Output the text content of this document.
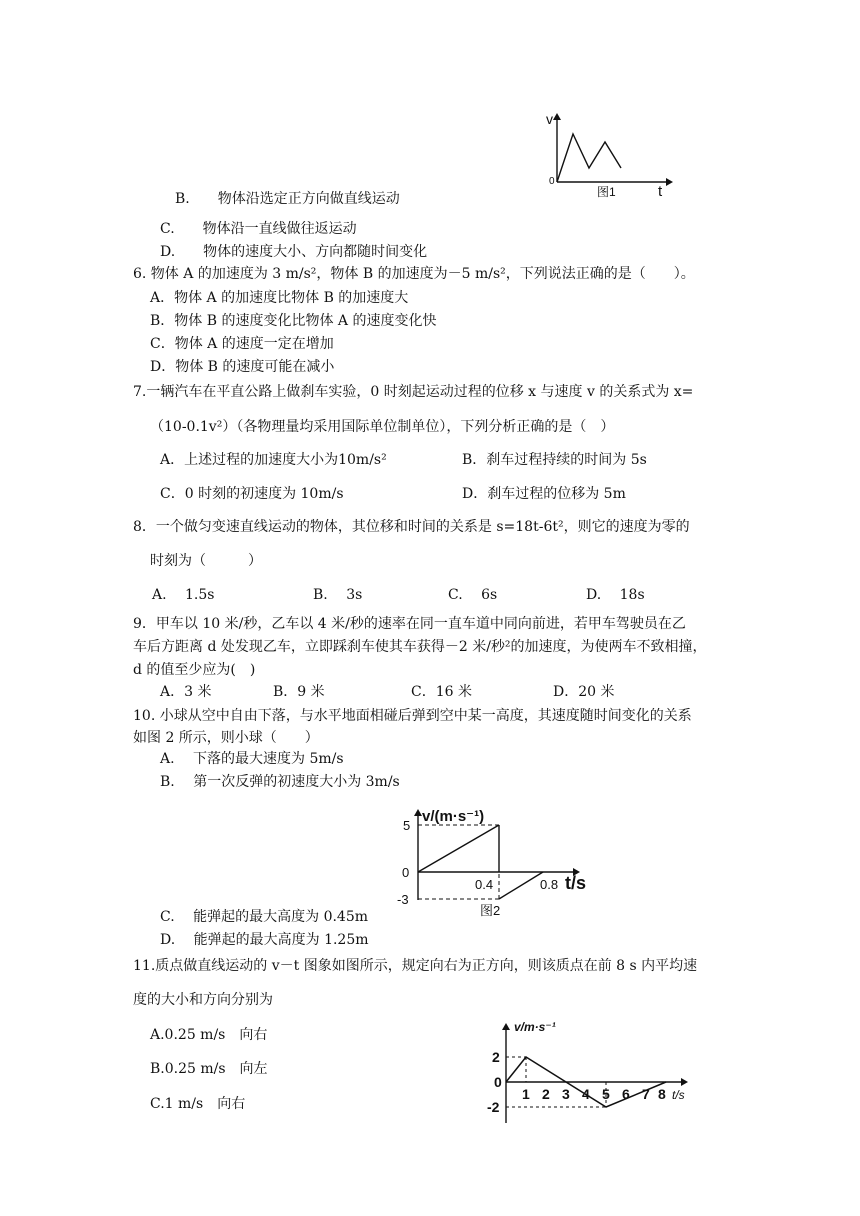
v
t
0
图1
B.　　物体沿选定正方向做直线运动
C.　　物体沿一直线做往返运动
D.　　物体的速度大小、方向都随时间变化
6. 物体 A 的加速度为 3 m/s²，物体 B 的加速度为－5 m/s²，下列说法正确的是（　　）。
A．物体 A 的加速度比物体 B 的加速度大
B．物体 B 的速度变化比物体 A 的速度变化快
C．物体 A 的速度一定在增加
D．物体 B 的速度可能在减小
7.一辆汽车在平直公路上做刹车实验，0 时刻起运动过程的位移 x 与速度 v 的关系式为 x=
（10-0.1v²）（各物理量均采用国际单位制单位），下列分析正确的是（　）
A．上述过程的加速度大小为10m/s²	B．刹车过程持续的时间为 5s
C．0 时刻的初速度为 10m/s	D．刹车过程的位移为 5m
8．一个做匀变速直线运动的物体，其位移和时间的关系是 s=18t-6t²，则它的速度为零的
时刻为（　　　）
A.　 1.5s	B.　 3s	C.　 6s	D.　 18s
9．甲车以 10 米/秒，乙车以 4 米/秒的速率在同一直车道中同向前进，若甲车驾驶员在乙
车后方距离 d 处发现乙车，立即踩刹车使其车获得－2 米/秒²的加速度，为使两车不致相撞，
d 的值至少应为(　)
A．3 米	B．9 米	C．16 米	D．20 米
10. 小球从空中自由下落，与水平地面相碰后弹到空中某一高度，其速度随时间变化的关系
如图 2 所示，则小球（　　）
A.　 下落的最大速度为 5m/s
B.　 第一次反弹的初速度大小为 3m/s
v/(m·s⁻¹)
t/s
5
0
-3
0.4	0.8
图2
C.　 能弹起的最大高度为 0.45m
D.　 能弹起的最大高度为 1.25m
11.质点做直线运动的 v－t 图象如图所示，规定向右为正方向，则该质点在前 8 s 内平均速
度的大小和方向分别为
A.0.25 m/s　向右
B.0.25 m/s　向左
C.1 m/s　向右
v/m·s⁻¹
t/s
0
2
-2
1 2 3 4 5 6 7 8
